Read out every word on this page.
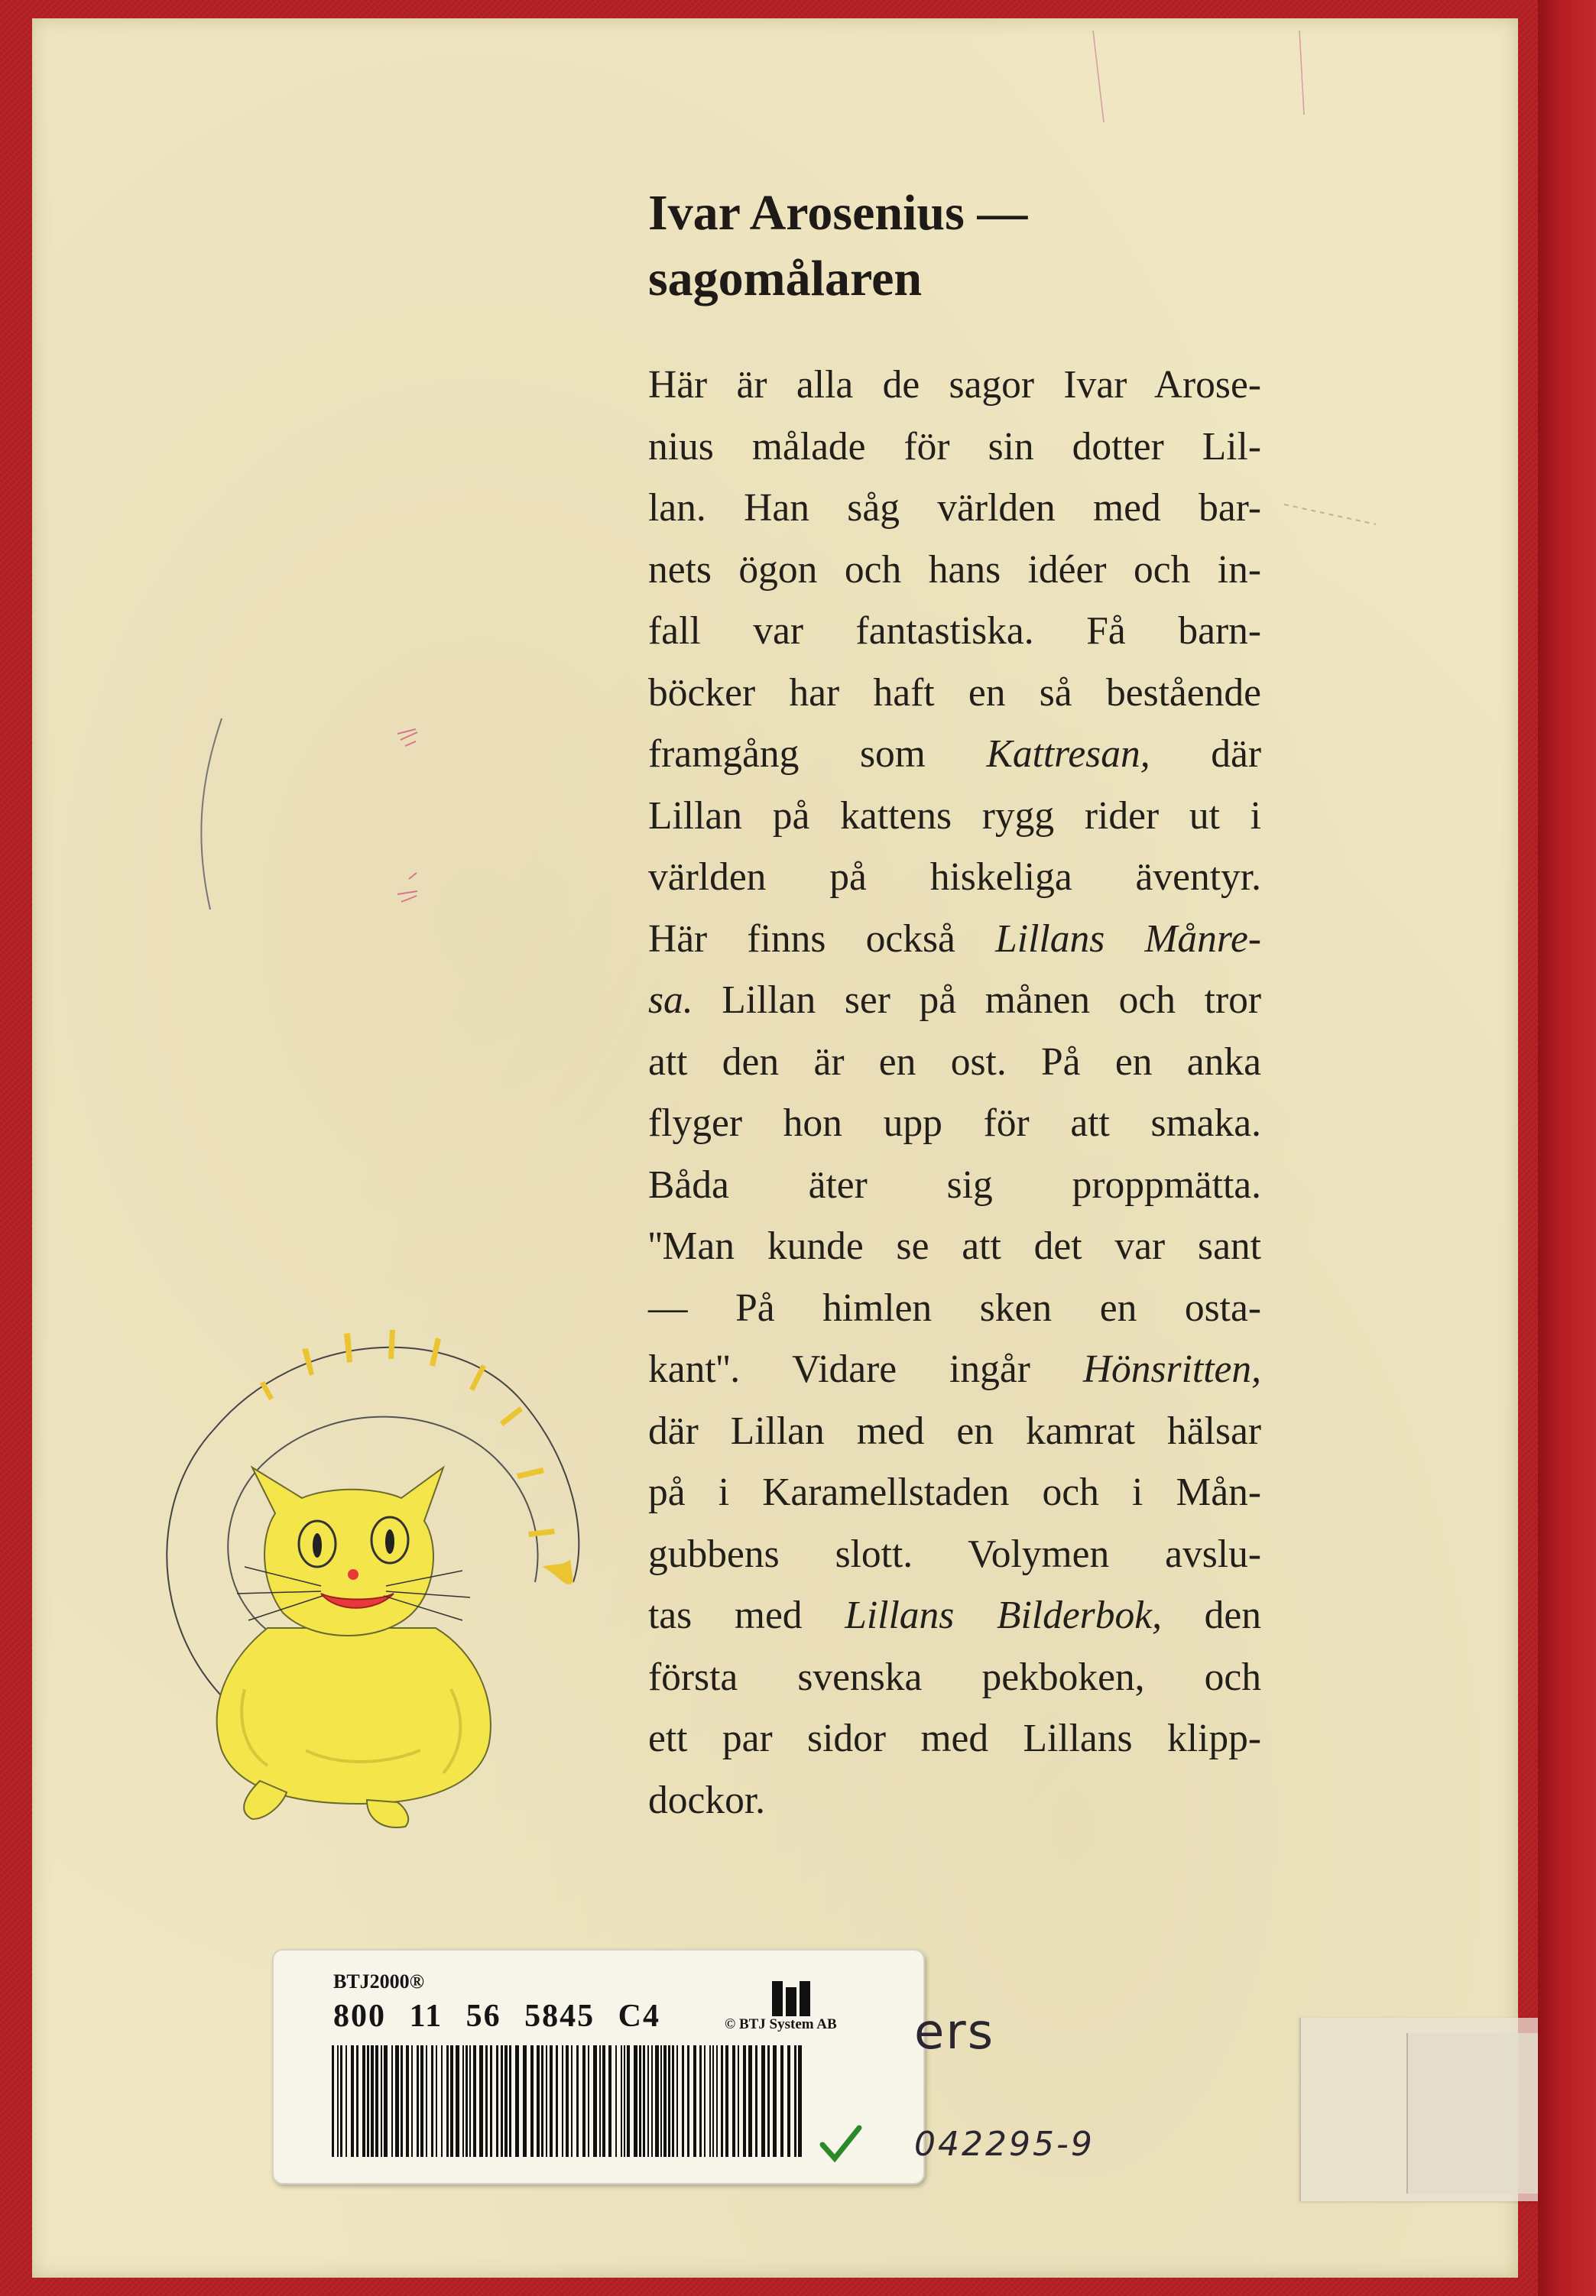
Ivar Arosenius —
sagomålaren
Här är alla de sagor Ivar Arose-
nius målade för sin dotter Lil-
lan. Han såg världen med bar-
nets ögon och hans idéer och in-
fall var fantastiska. Få barn-
böcker har haft en så bestående
framgång som Kattresan, där
Lillan på kattens rygg rider ut i
världen på hiskeliga äventyr.
Här finns också Lillans Månre-
sa. Lillan ser på månen och tror
att den är en ost. På en anka
flyger hon upp för att smaka.
Båda äter sig proppmätta.
''Man kunde se att det var sant
— På himlen sken en osta-
kant''. Vidare ingår Hönsritten,
där Lillan med en kamrat hälsar
på i Karamellstaden och i Mån-
gubbens slott. Volymen avslu-
tas med Lillans Bilderbok, den
första svenska pekboken, och
ett par sidor med Lillans klipp-
dockor.
BTJ2000®
800 11 56 5845 C4	© BTJ System AB ers
042295-9
